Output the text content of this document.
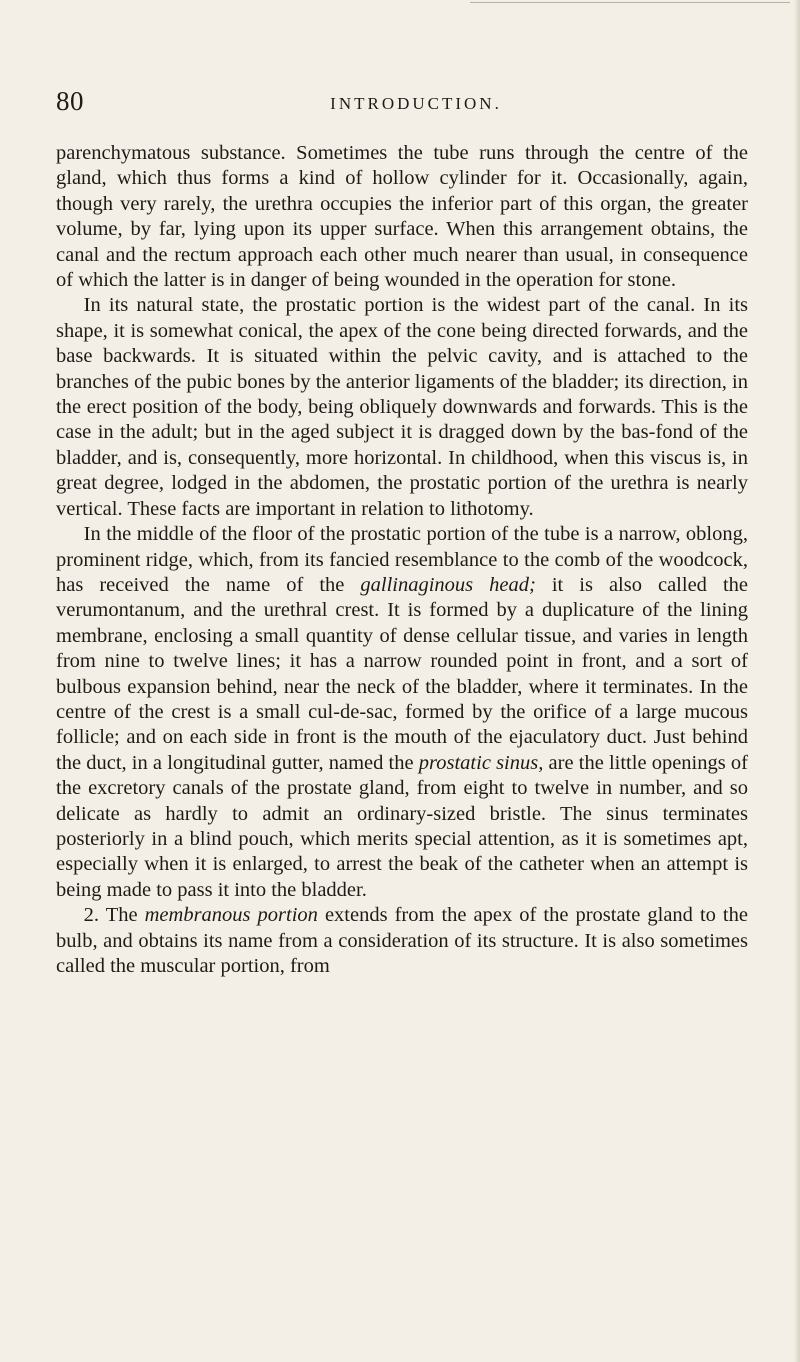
80	INTRODUCTION.

parenchymatous substance. Sometimes the tube runs through the centre of the gland, which thus forms a kind of hollow cylinder for it. Occasionally, again, though very rarely, the urethra occupies the inferior part of this organ, the greater volume, by far, lying upon its upper surface. When this arrangement obtains, the canal and the rectum approach each other much nearer than usual, in consequence of which the latter is in danger of being wounded in the operation for stone.

In its natural state, the prostatic portion is the widest part of the canal. In its shape, it is somewhat conical, the apex of the cone being directed forwards, and the base backwards. It is situated within the pelvic cavity, and is attached to the branches of the pubic bones by the anterior ligaments of the bladder; its direction, in the erect position of the body, being obliquely downwards and forwards. This is the case in the adult; but in the aged subject it is dragged down by the bas-fond of the bladder, and is, consequently, more horizontal. In childhood, when this viscus is, in great degree, lodged in the abdomen, the prostatic portion of the urethra is nearly vertical. These facts are important in relation to lithotomy.

In the middle of the floor of the prostatic portion of the tube is a narrow, oblong, prominent ridge, which, from its fancied resemblance to the comb of the woodcock, has received the name of the gallinaginous head; it is also called the verumontanum, and the urethral crest. It is formed by a duplicature of the lining membrane, enclosing a small quantity of dense cellular tissue, and varies in length from nine to twelve lines; it has a narrow rounded point in front, and a sort of bulbous expansion behind, near the neck of the bladder, where it terminates. In the centre of the crest is a small cul-de-sac, formed by the orifice of a large mucous follicle; and on each side in front is the mouth of the ejaculatory duct. Just behind the duct, in a longitudinal gutter, named the prostatic sinus, are the little openings of the excretory canals of the prostate gland, from eight to twelve in number, and so delicate as hardly to admit an ordinary-sized bristle. The sinus terminates posteriorly in a blind pouch, which merits special attention, as it is sometimes apt, especially when it is enlarged, to arrest the beak of the catheter when an attempt is being made to pass it into the bladder.

2. The membranous portion extends from the apex of the prostate gland to the bulb, and obtains its name from a consideration of its structure. It is also sometimes called the muscular portion, from
